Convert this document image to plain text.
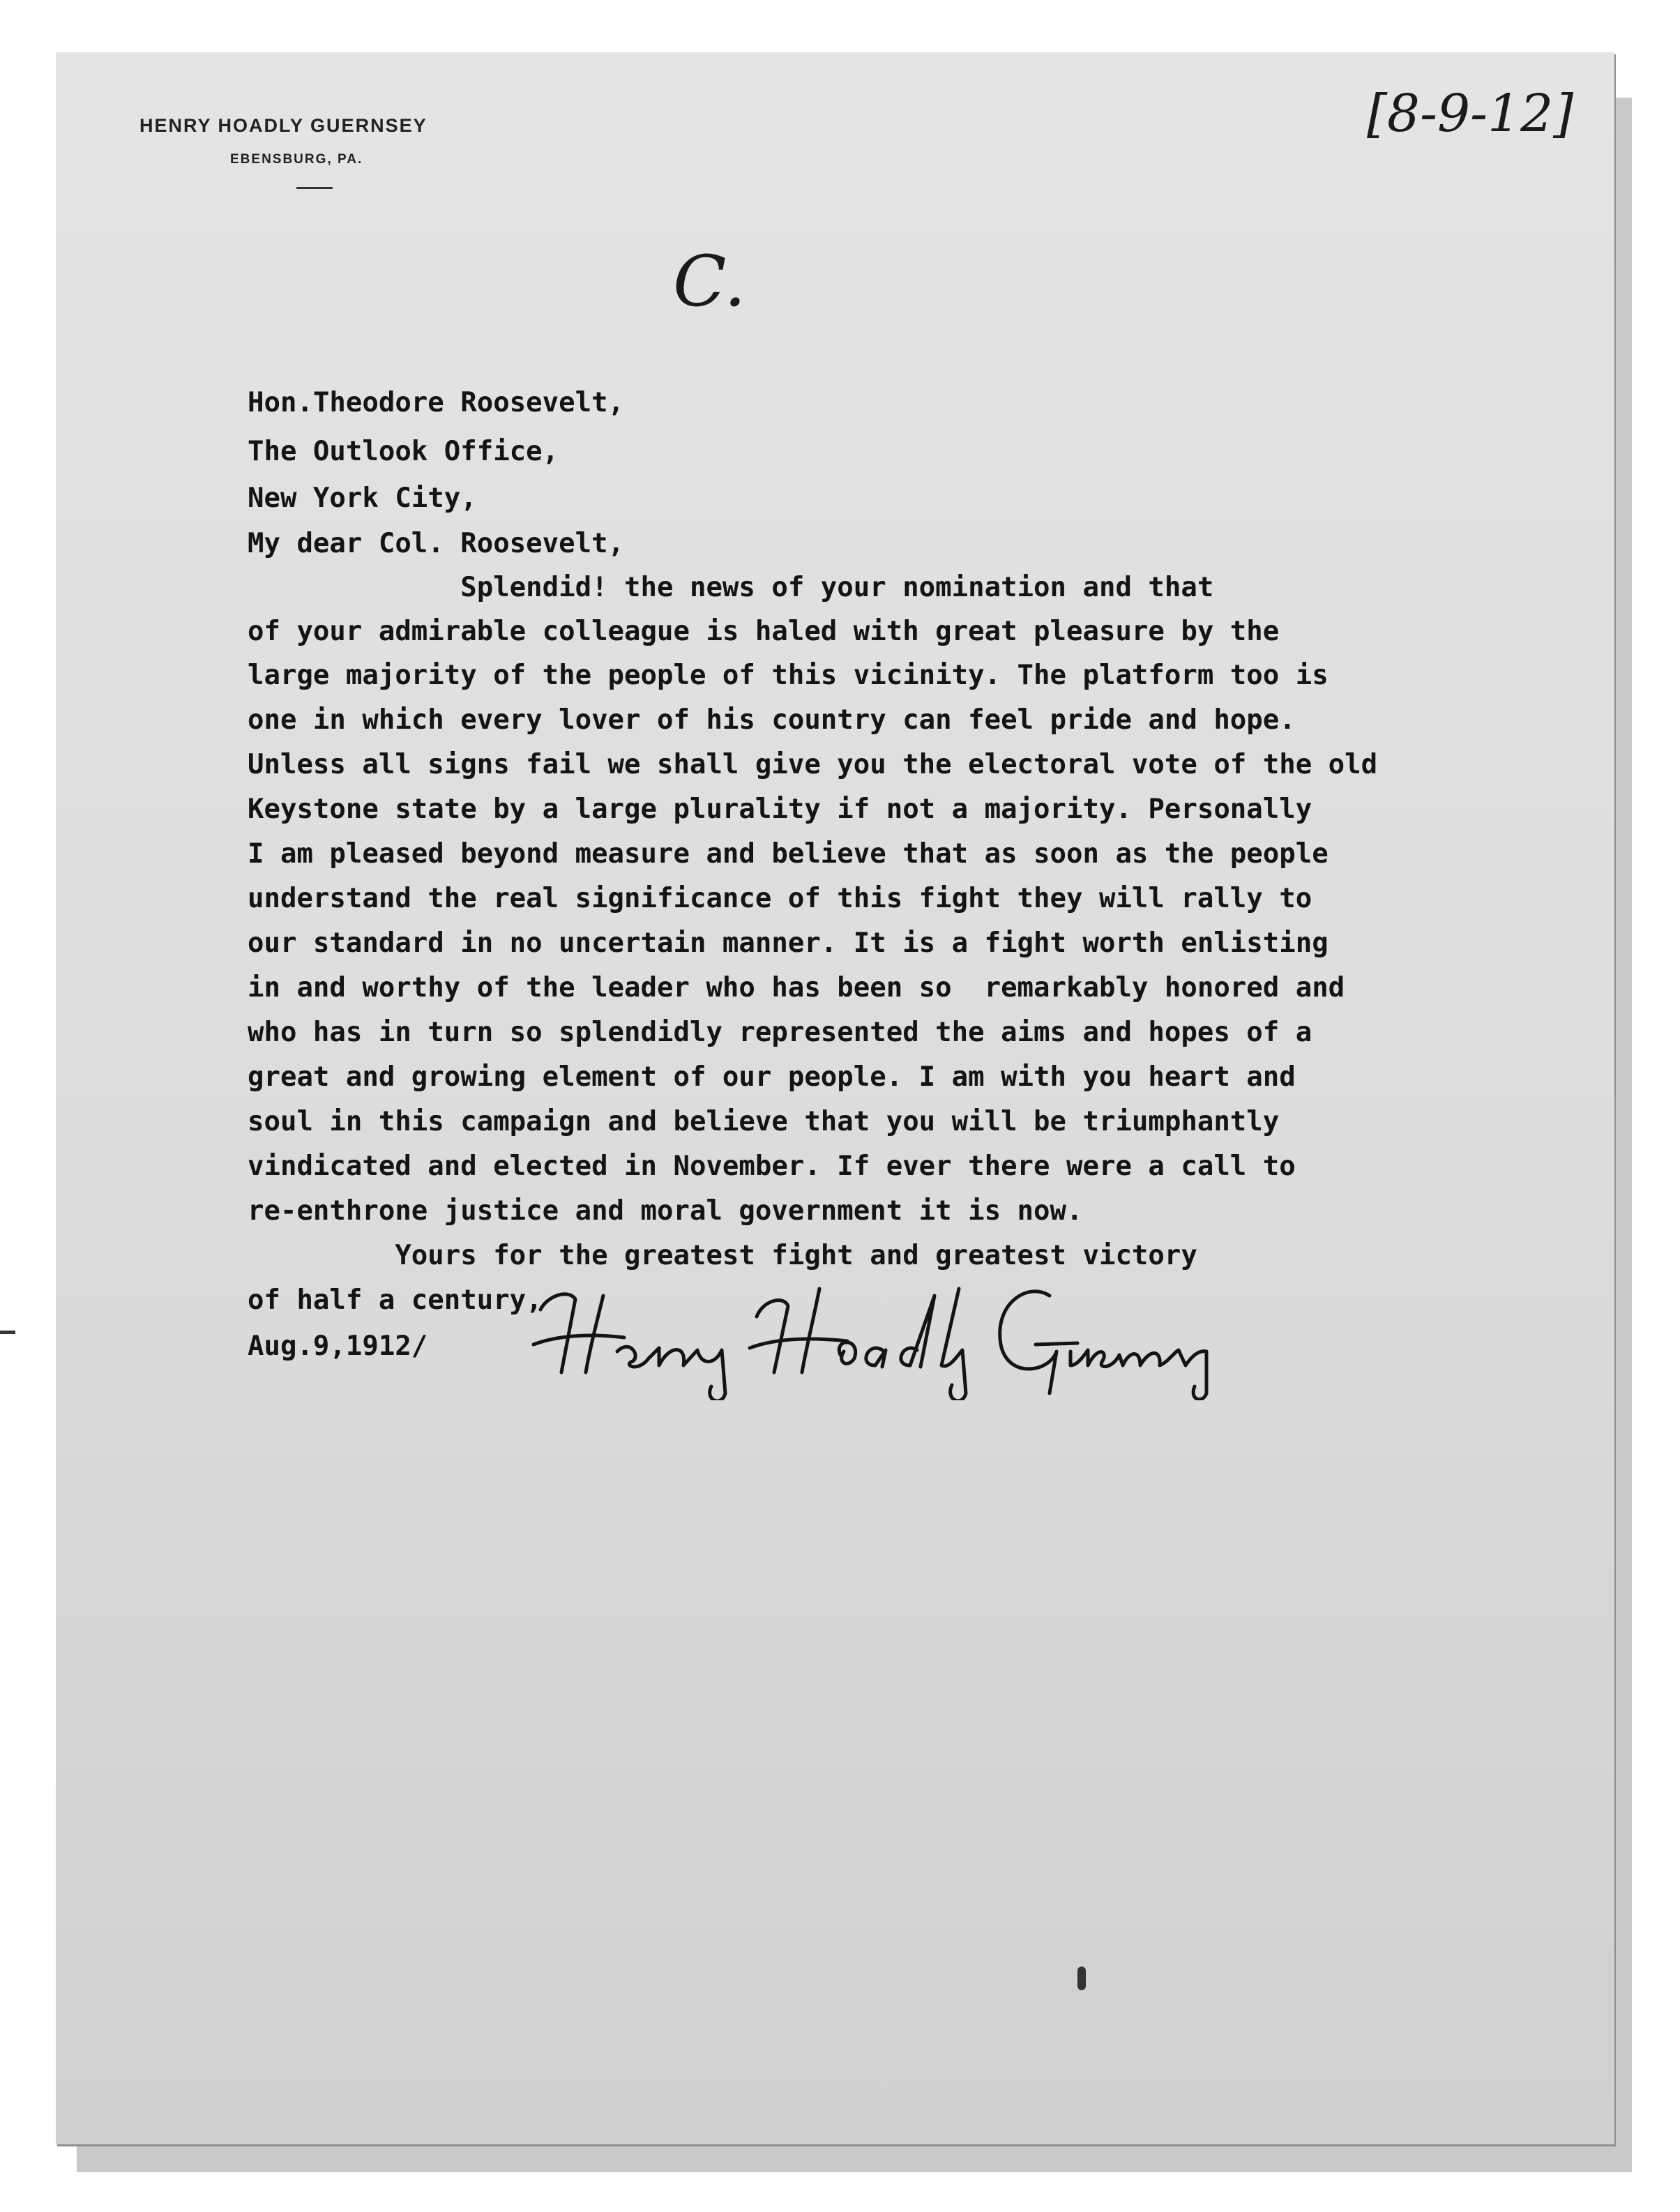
HENRY HOADLY GUERNSEY
EBENSBURG, PA.
[8-9-12]
C.
Hon.Theodore Roosevelt,
The Outlook Office,
New York City,
My dear Col. Roosevelt,
Splendid! the news of your nomination and that
of your admirable colleague is haled with great pleasure by the
large majority of the people of this vicinity. The platform too is
one in which every lover of his country can feel pride and hope.
Unless all signs fail we shall give you the electoral vote of the old
Keystone state by a large plurality if not a majority. Personally
I am pleased beyond measure and believe that as soon as the people
understand the real significance of this fight they will rally to
our standard in no uncertain manner. It is a fight worth enlisting
in and worthy of the leader who has been so  remarkably honored and
who has in turn so splendidly represented the aims and hopes of a
great and growing element of our people. I am with you heart and
soul in this campaign and believe that you will be triumphantly
vindicated and elected in November. If ever there were a call to
re-enthrone justice and moral government it is now.
Yours for the greatest fight and greatest victory
of half a century,
Aug.9,1912/
